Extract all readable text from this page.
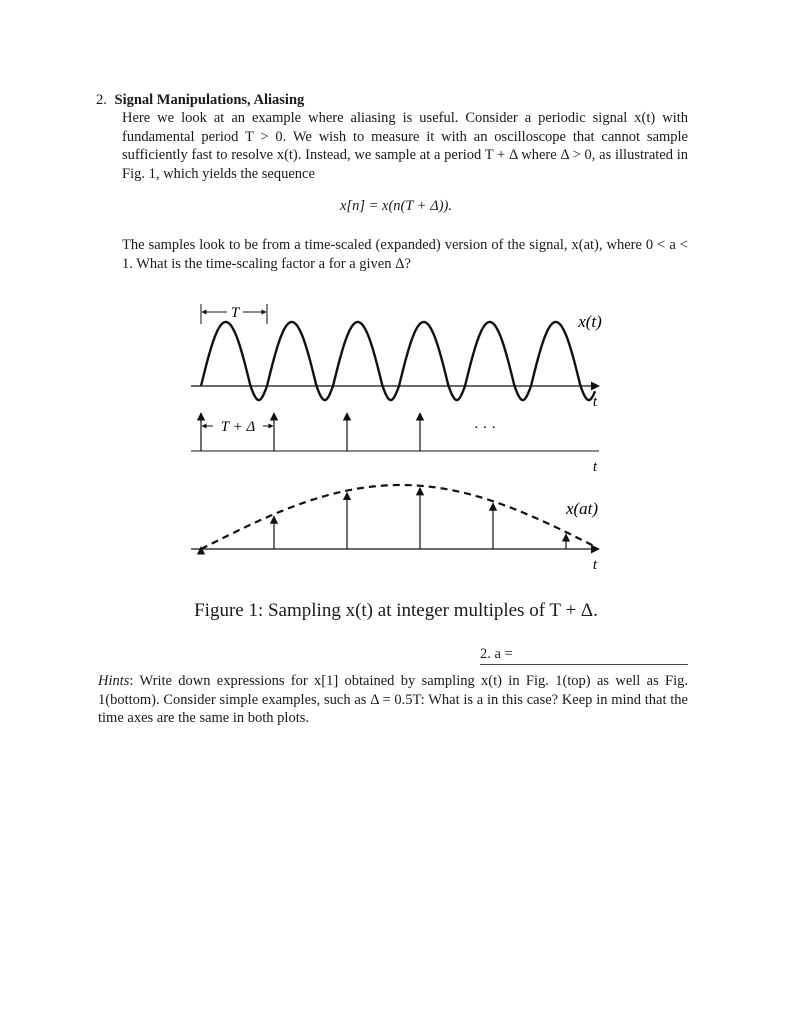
2. Signal Manipulations, Aliasing
Here we look at an example where aliasing is useful. Consider a periodic signal x(t) with fundamental period T > 0. We wish to measure it with an oscilloscope that cannot sample sufficiently fast to resolve x(t). Instead, we sample at a period T + Δ where Δ > 0, as illustrated in Fig. 1, which yields the sequence
x[n] = x(n(T + Δ)).
The samples look to be from a time-scaled (expanded) version of the signal, x(at), where 0 < a < 1. What is the time-scaling factor a for a given Δ?
T	x(t)
t
T + Δ	· · ·
t
x(at)
t
Figure 1: Sampling x(t) at integer multiples of T + Δ.
2. a =
Hints: Write down expressions for x[1] obtained by sampling x(t) in Fig. 1(top) as well as Fig. 1(bottom). Consider simple examples, such as Δ = 0.5T: What is a in this case? Keep in mind that the time axes are the same in both plots.
